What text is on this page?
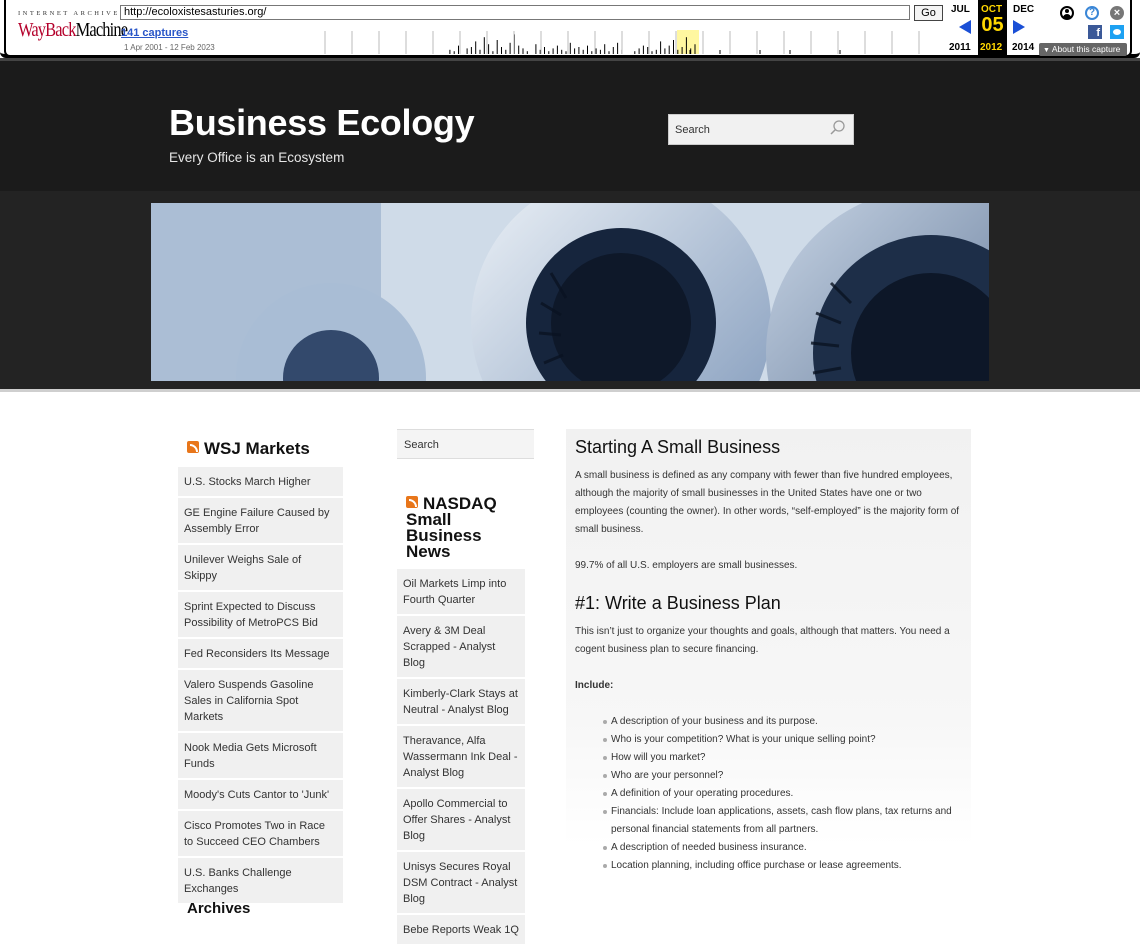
INTERNET ARCHIVE
WayBackMachine
http://ecoloxistesasturies.org/	Go
141 captures
1 Apr 2001 - 12 Feb 2023
JUL OCT DEC
05
2011 2012 2014	▼ About this capture
?	×
f
Business Ecology
Every Office is an Ecosystem
Search
WSJ Markets
U.S. Stocks March Higher
GE Engine Failure Caused by Assembly Error
Unilever Weighs Sale of Skippy
Sprint Expected to Discuss Possibility of MetroPCS Bid
Fed Reconsiders Its Message
Valero Suspends Gasoline Sales in California Spot Markets
Nook Media Gets Microsoft Funds
Moody's Cuts Cantor to 'Junk'
Cisco Promotes Two in Race to Succeed CEO Chambers
U.S. Banks Challenge Exchanges
Archives
Search
NASDAQ Small Business News
Oil Markets Limp into Fourth Quarter
Avery & 3M Deal Scrapped - Analyst Blog
Kimberly-Clark Stays at Neutral - Analyst Blog
Theravance, Alfa Wassermann Ink Deal - Analyst Blog
Apollo Commercial to Offer Shares - Analyst Blog
Unisys Secures Royal DSM Contract - Analyst Blog
Bebe Reports Weak 1Q
Starting A Small Business

A small business is defined as any company with fewer than five hundred employees, although the majority of small businesses in the United States have one or two employees (counting the owner). In other words, “self-employed” is the majority form of small business.

99.7% of all U.S. employers are small businesses.

#1: Write a Business Plan

This isn’t just to organize your thoughts and goals, although that matters. You need a cogent business plan to secure financing.

Include:

A description of your business and its purpose.
Who is your competition? What is your unique selling point?
How will you market?
Who are your personnel?
A definition of your operating procedures.
Financials: Include loan applications, assets, cash flow plans, tax returns and personal financial statements from all partners.
A description of needed business insurance.
Location planning, including office purchase or lease agreements.
